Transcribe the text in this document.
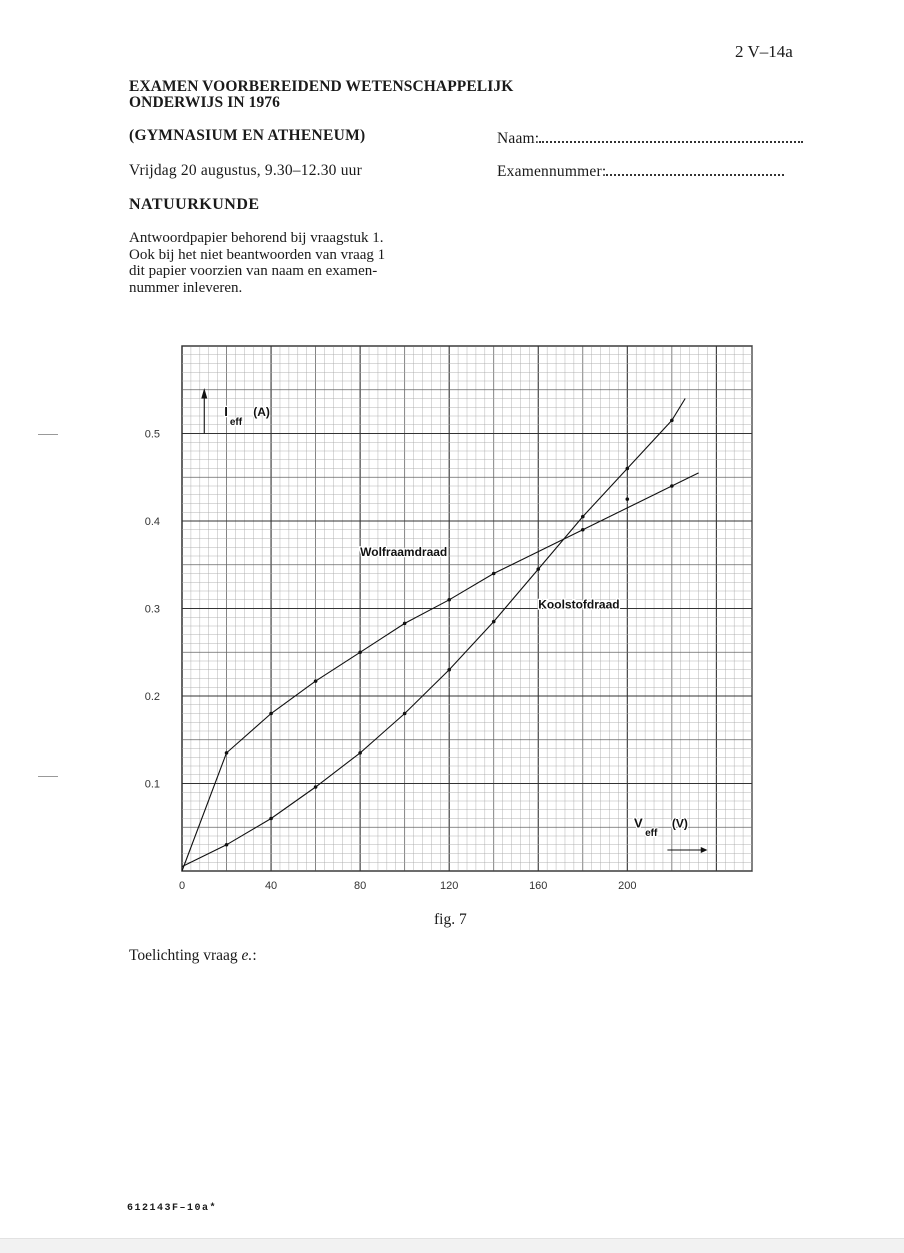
2 V–14a
EXAMEN VOORBEREIDEND WETENSCHAPPELIJK
ONDERWIJS IN 1976
(GYMNASIUM EN ATHENEUM)
Vrijdag 20 augustus, 9.30–12.30 uur
NATUURKUNDE
Naam:
Examennummer:
Antwoordpapier behorend bij vraagstuk 1.
Ook bij het niet beantwoorden van vraag 1
dit papier voorzien van naam en examen-
nummer inleveren.
0	40	80	120	160	200
0.1
0.2
0.3
0.4
0.5
Wolfraamdraad
Koolstofdraad
I
eff
(A)
V
eff
(V)
fig. 7
Toelichting vraag e.:
612143F–10a*
